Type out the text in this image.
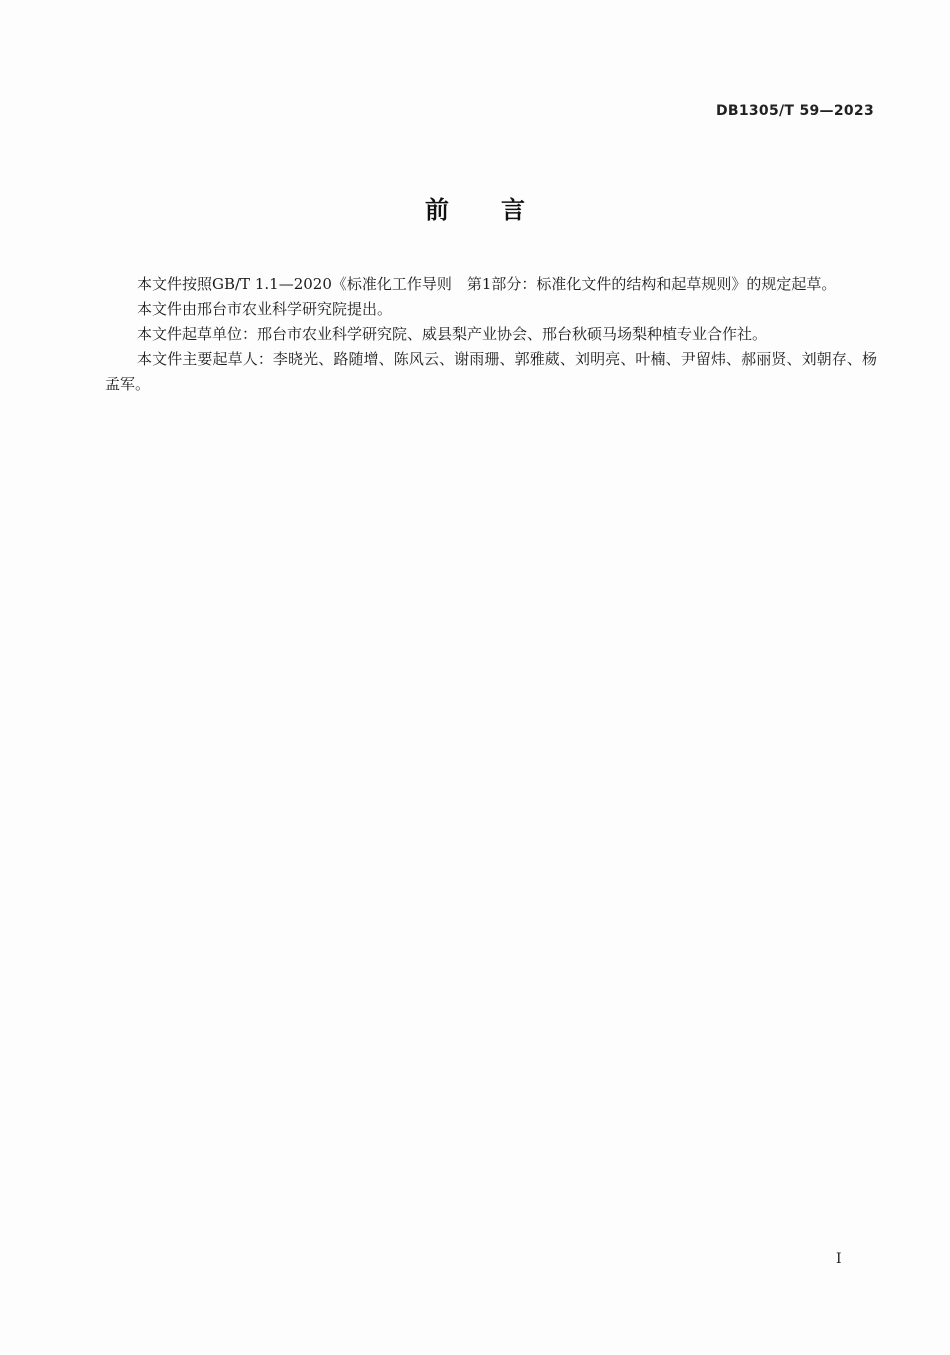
DB1305/T 59—2023
前言

本文件按照GB/T 1.1—2020《标准化工作导则　第1部分：标准化文件的结构和起草规则》的规定起草。

本文件由邢台市农业科学研究院提出。

本文件起草单位：邢台市农业科学研究院、威县梨产业协会、邢台秋硕马场梨种植专业合作社。

本文件主要起草人：李晓光、路随增、陈风云、谢雨珊、郭雅葳、刘明亮、叶楠、尹留炜、郝丽贤、刘朝存、杨孟军。

I
